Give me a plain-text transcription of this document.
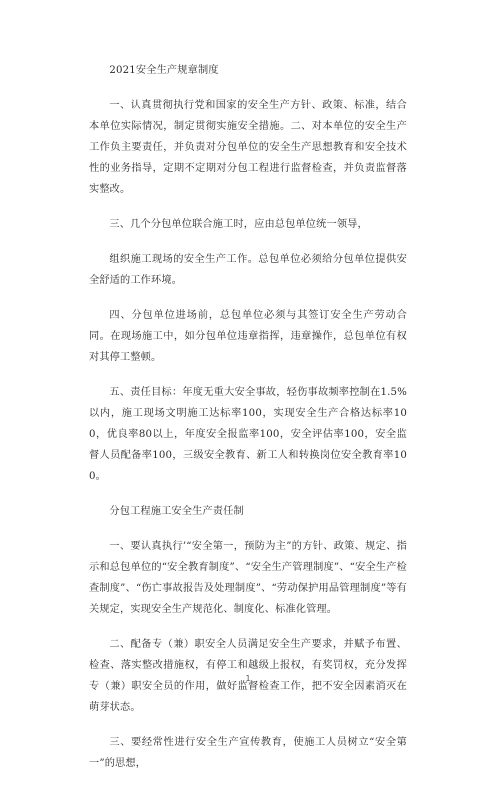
2021安全生产规章制度

一、认真贯彻执行党和国家的安全生产方针、政策、标准，结合本单位实际情况，制定贯彻实施安全措施。二、对本单位的安全生产工作负主要责任，并负责对分包单位的安全生产思想教育和安全技术性的业务指导，定期不定期对分包工程进行监督检查，并负责监督落实整改。

三、几个分包单位联合施工时，应由总包单位统一领导，

组织施工现场的安全生产工作。总包单位必须给分包单位提供安全舒适的工作环境。

四、分包单位进场前，总包单位必须与其签订安全生产劳动合同。在现场施工中，如分包单位违章指挥，违章操作，总包单位有权对其停工整顿。

五、责任目标：年度无重大安全事故，轻伤事故频率控制在1.5%以内，施工现场文明施工达标率100，实现安全生产合格达标率100，优良率80以上，年度安全报监率100，安全评估率100，安全监督人员配备率100，三级安全教育、新工人和转换岗位安全教育率100。

分包工程施工安全生产责任制

一、要认真执行’“安全第一，预防为主”的方针、政策、规定、指示和总包单位的“安全教育制度”、“安全生产管理制度”、“安全生产检查制度”、“伤亡事故报告及处理制度”、“劳动保护用品管理制度”等有关规定，实现安全生产规范化、制度化、标准化管理。

二、配备专（兼）职安全人员满足安全生产要求，并赋予布置、检查、落实整改措施权，有停工和越级上报权，有奖罚权，充分发挥专（兼）职安全员的作用，做好监督检查工作，把不安全因素消灭在萌芽状态。

三、要经常性进行安全生产宣传教育，使施工人员树立“安全第一”的思想，

1
